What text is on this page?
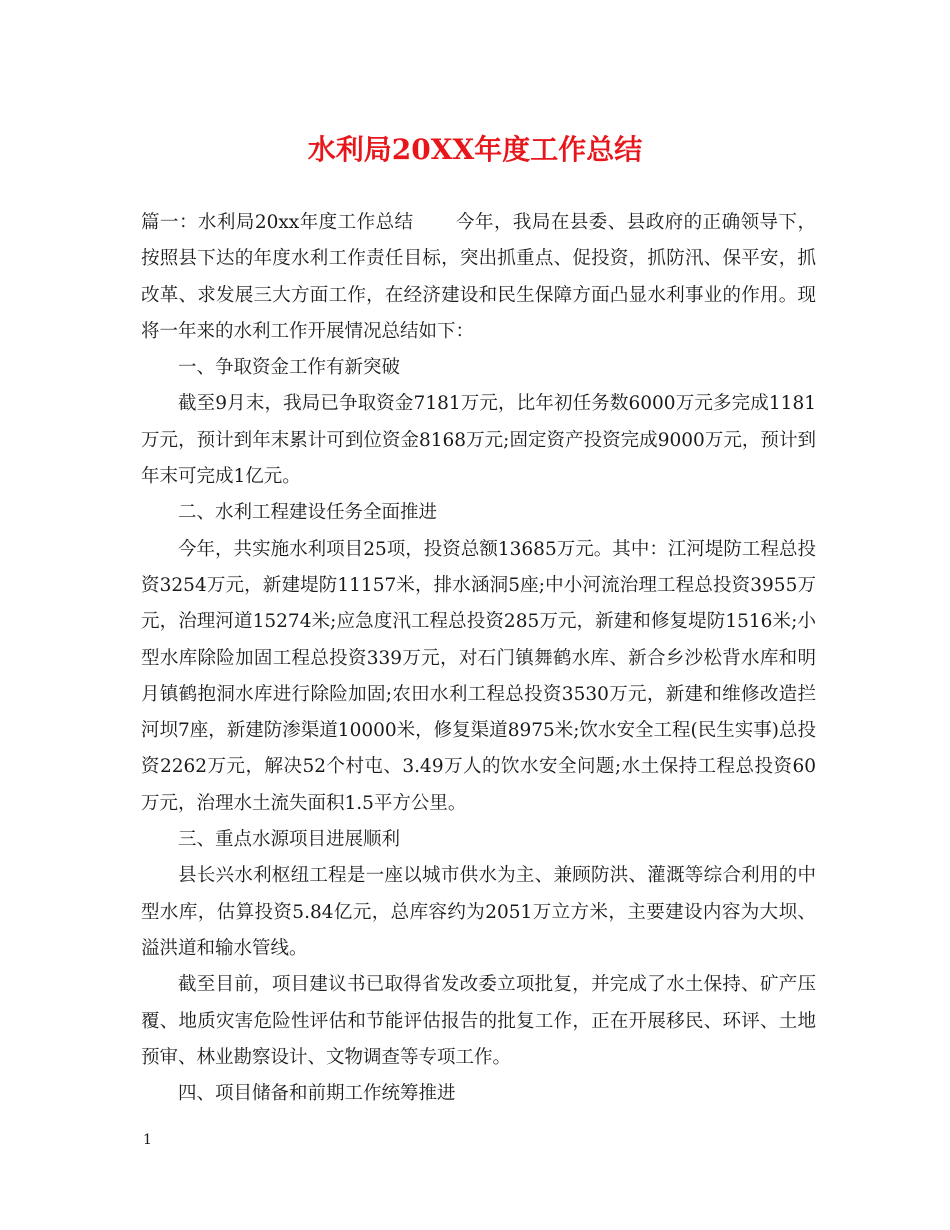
水利局20XX年度工作总结

篇一：水利局20xx年度工作总结 今年，我局在县委、县政府的正确领导下，按照县下达的年度水利工作责任目标，突出抓重点、促投资，抓防汛、保平安，抓改革、求发展三大方面工作，在经济建设和民生保障方面凸显水利事业的作用。现将一年来的水利工作开展情况总结如下：

一、争取资金工作有新突破

截至9月末，我局已争取资金7181万元，比年初任务数6000万元多完成1181万元，预计到年末累计可到位资金8168万元;固定资产投资完成9000万元，预计到年末可完成1亿元。

二、水利工程建设任务全面推进

今年，共实施水利项目25项，投资总额13685万元。其中：江河堤防工程总投资3254万元，新建堤防11157米，排水涵洞5座;中小河流治理工程总投资3955万元，治理河道15274米;应急度汛工程总投资285万元，新建和修复堤防1516米;小型水库除险加固工程总投资339万元，对石门镇舞鹤水库、新合乡沙松背水库和明月镇鹤抱洞水库进行除险加固;农田水利工程总投资3530万元，新建和维修改造拦河坝7座，新建防渗渠道10000米，修复渠道8975米;饮水安全工程(民生实事)总投资2262万元，解决52个村屯、3.49万人的饮水安全问题;水土保持工程总投资60万元，治理水土流失面积1.5平方公里。

三、重点水源项目进展顺利

县长兴水利枢纽工程是一座以城市供水为主、兼顾防洪、灌溉等综合利用的中型水库，估算投资5.84亿元，总库容约为2051万立方米，主要建设内容为大坝、溢洪道和输水管线。

截至目前，项目建议书已取得省发改委立项批复，并完成了水土保持、矿产压覆、地质灾害危险性评估和节能评估报告的批复工作，正在开展移民、环评、土地预审、林业勘察设计、文物调查等专项工作。

四、项目储备和前期工作统筹推进

1
